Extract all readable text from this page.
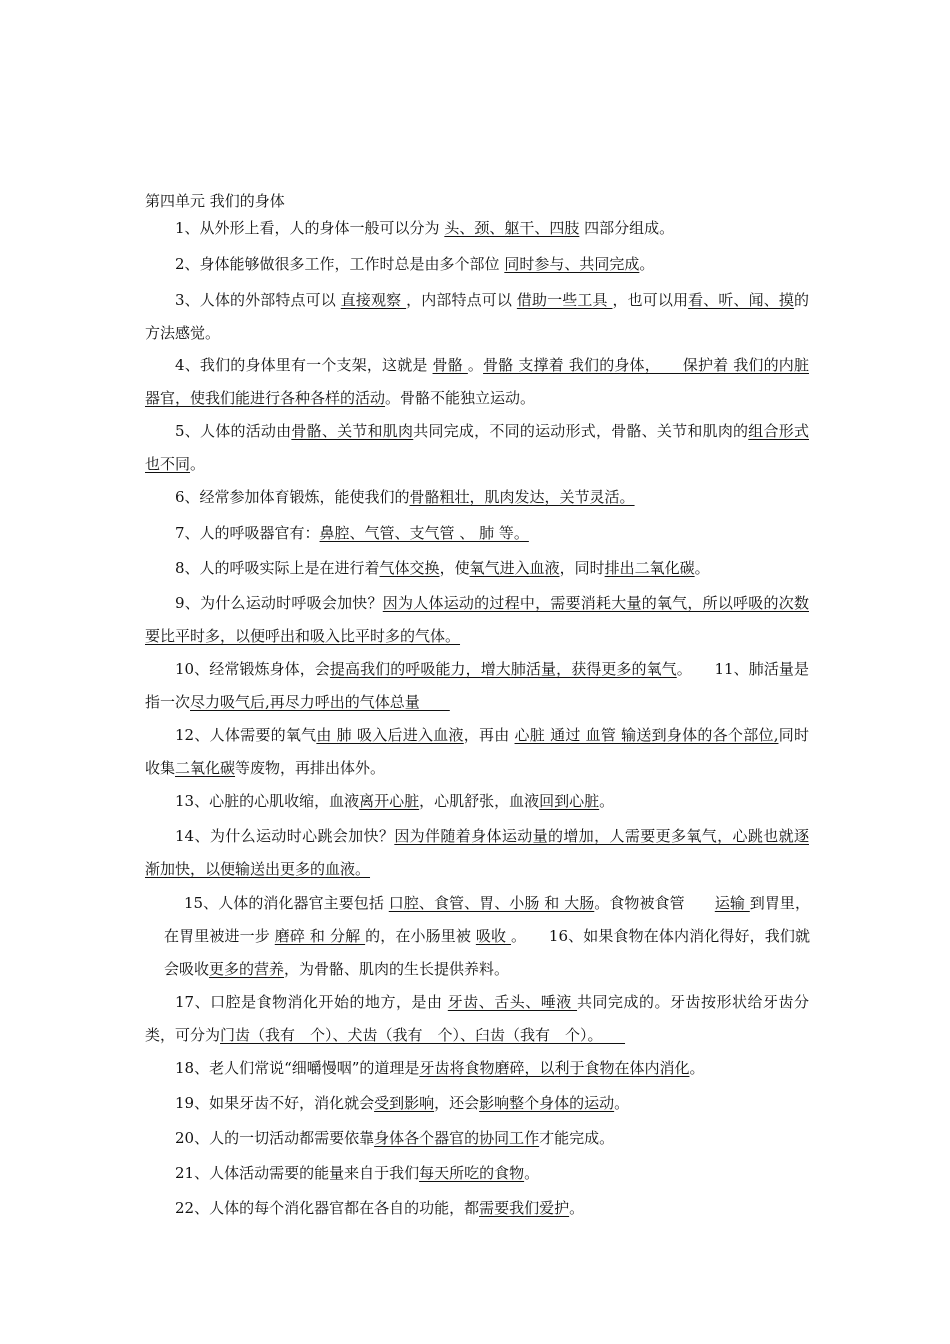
第四单元 我们的身体

1、从外形上看，人的身体一般可以分为 头、颈、躯干、四肢 四部分组成。

2、身体能够做很多工作，工作时总是由多个部位 同时参与、共同完成。

3、人体的外部特点可以 直接观察 ，内部特点可以 借助一些工具 ，也可以用看、听、闻、摸的方法感觉。

4、我们的身体里有一个支架，这就是 骨骼 。骨骼 支撑着 我们的身体，　　保护着 我们的内脏器官，使我们能进行各种各样的活动。骨骼不能独立运动。

5、人体的活动由骨骼、关节和肌肉共同完成，不同的运动形式，骨骼、关节和肌肉的组合形式也不同。

6、经常参加体育锻炼，能使我们的骨骼粗壮，肌肉发达，关节灵活。

7、人的呼吸器官有：鼻腔、气管、支气管 、 肺 等。

8、人的呼吸实际上是在进行着气体交换，使氧气进入血液，同时排出二氧化碳。

9、为什么运动时呼吸会加快？因为人体运动的过程中，需要消耗大量的氧气，所以呼吸的次数要比平时多，以便呼出和吸入比平时多的气体。

10、经常锻炼身体，会提高我们的呼吸能力，增大肺活量，获得更多的氧气。　　11、肺活量是指一次尽力吸气后,再尽力呼出的气体总量　　

12、人体需要的氧气由 肺 吸入后进入血液，再由 心脏 通过 血管 输送到身体的各个部位,同时收集二氧化碳等废物，再排出体外。

13、心脏的心肌收缩，血液离开心脏，心肌舒张，血液回到心脏。

14、为什么运动时心跳会加快？因为伴随着身体运动量的增加，人需要更多氧气，心跳也就逐渐加快，以便输送出更多的血液。

15、人体的消化器官主要包括 口腔、食管、胃、小肠 和 大肠。食物被食管　　运输 到胃里，在胃里被进一步 磨碎 和 分解 的，在小肠里被 吸收 。　　16、如果食物在体内消化得好，我们就会吸收更多的营养，为骨骼、肌肉的生长提供养料。

17、口腔是食物消化开始的地方，是由 牙齿、舌头、唾液 共同完成的。牙齿按形状给牙齿分类，可分为门齿（我有　个）、犬齿（我有　个）、臼齿（我有　个）。　　

18、老人们常说“细嚼慢咽”的道理是牙齿将食物磨碎，以利于食物在体内消化。

19、如果牙齿不好，消化就会受到影响，还会影响整个身体的运动。

20、人的一切活动都需要依靠身体各个器官的协同工作才能完成。

21、人体活动需要的能量来自于我们每天所吃的食物。

22、人体的每个消化器官都在各自的功能，都需要我们爱护。
